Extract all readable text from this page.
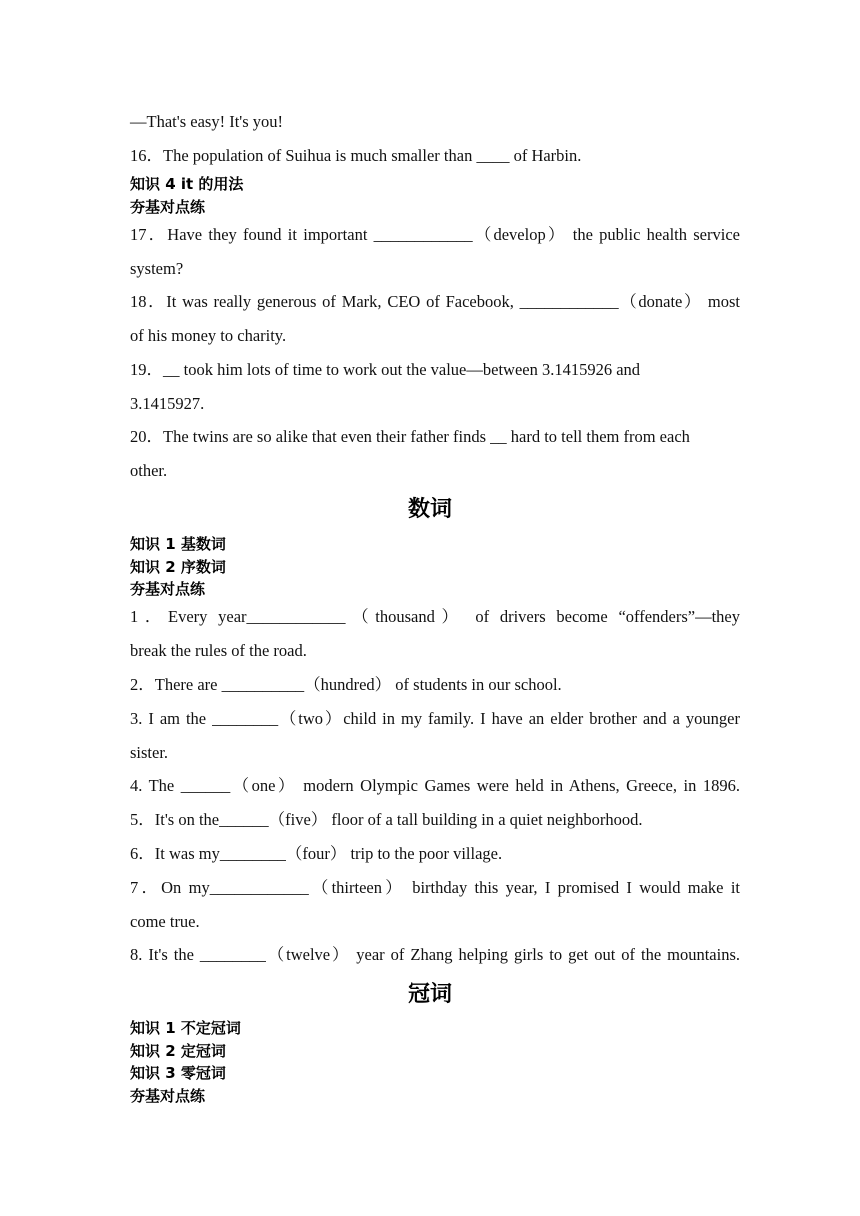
—That's easy! It's you!
16．The population of Suihua is much smaller than ____ of Harbin.
知识 4 it 的用法
夯基对点练
17．Have they found it important ____________（develop） the public health service
system?
18．It was really generous of Mark, CEO of Facebook, ____________（donate） most
of his money to charity.
19．__ took him lots of time to work out the value—between 3.1415926 and
3.1415927.
20．The twins are so alike that even their father finds __ hard to tell them from each
other.
数词
知识 1 基数词
知识 2 序数词
夯基对点练
1．Every year____________（thousand） of drivers become “offenders”—they
break the rules of the road.
2．There are __________（hundred） of students in our school.
3. I am the ________（two）child in my family. I have an elder brother and a younger
sister.
4. The ______（one） modern Olympic Games were held in Athens, Greece, in 1896.
5．It's on the______（five） floor of a tall building in a quiet neighborhood.
6．It was my________（four） trip to the poor village.
7．On my____________（thirteen） birthday this year, I promised I would make it
come true.
8. It's the ________（twelve） year of Zhang helping girls to get out of the mountains.
冠词
知识 1 不定冠词
知识 2 定冠词
知识 3 零冠词
夯基对点练
